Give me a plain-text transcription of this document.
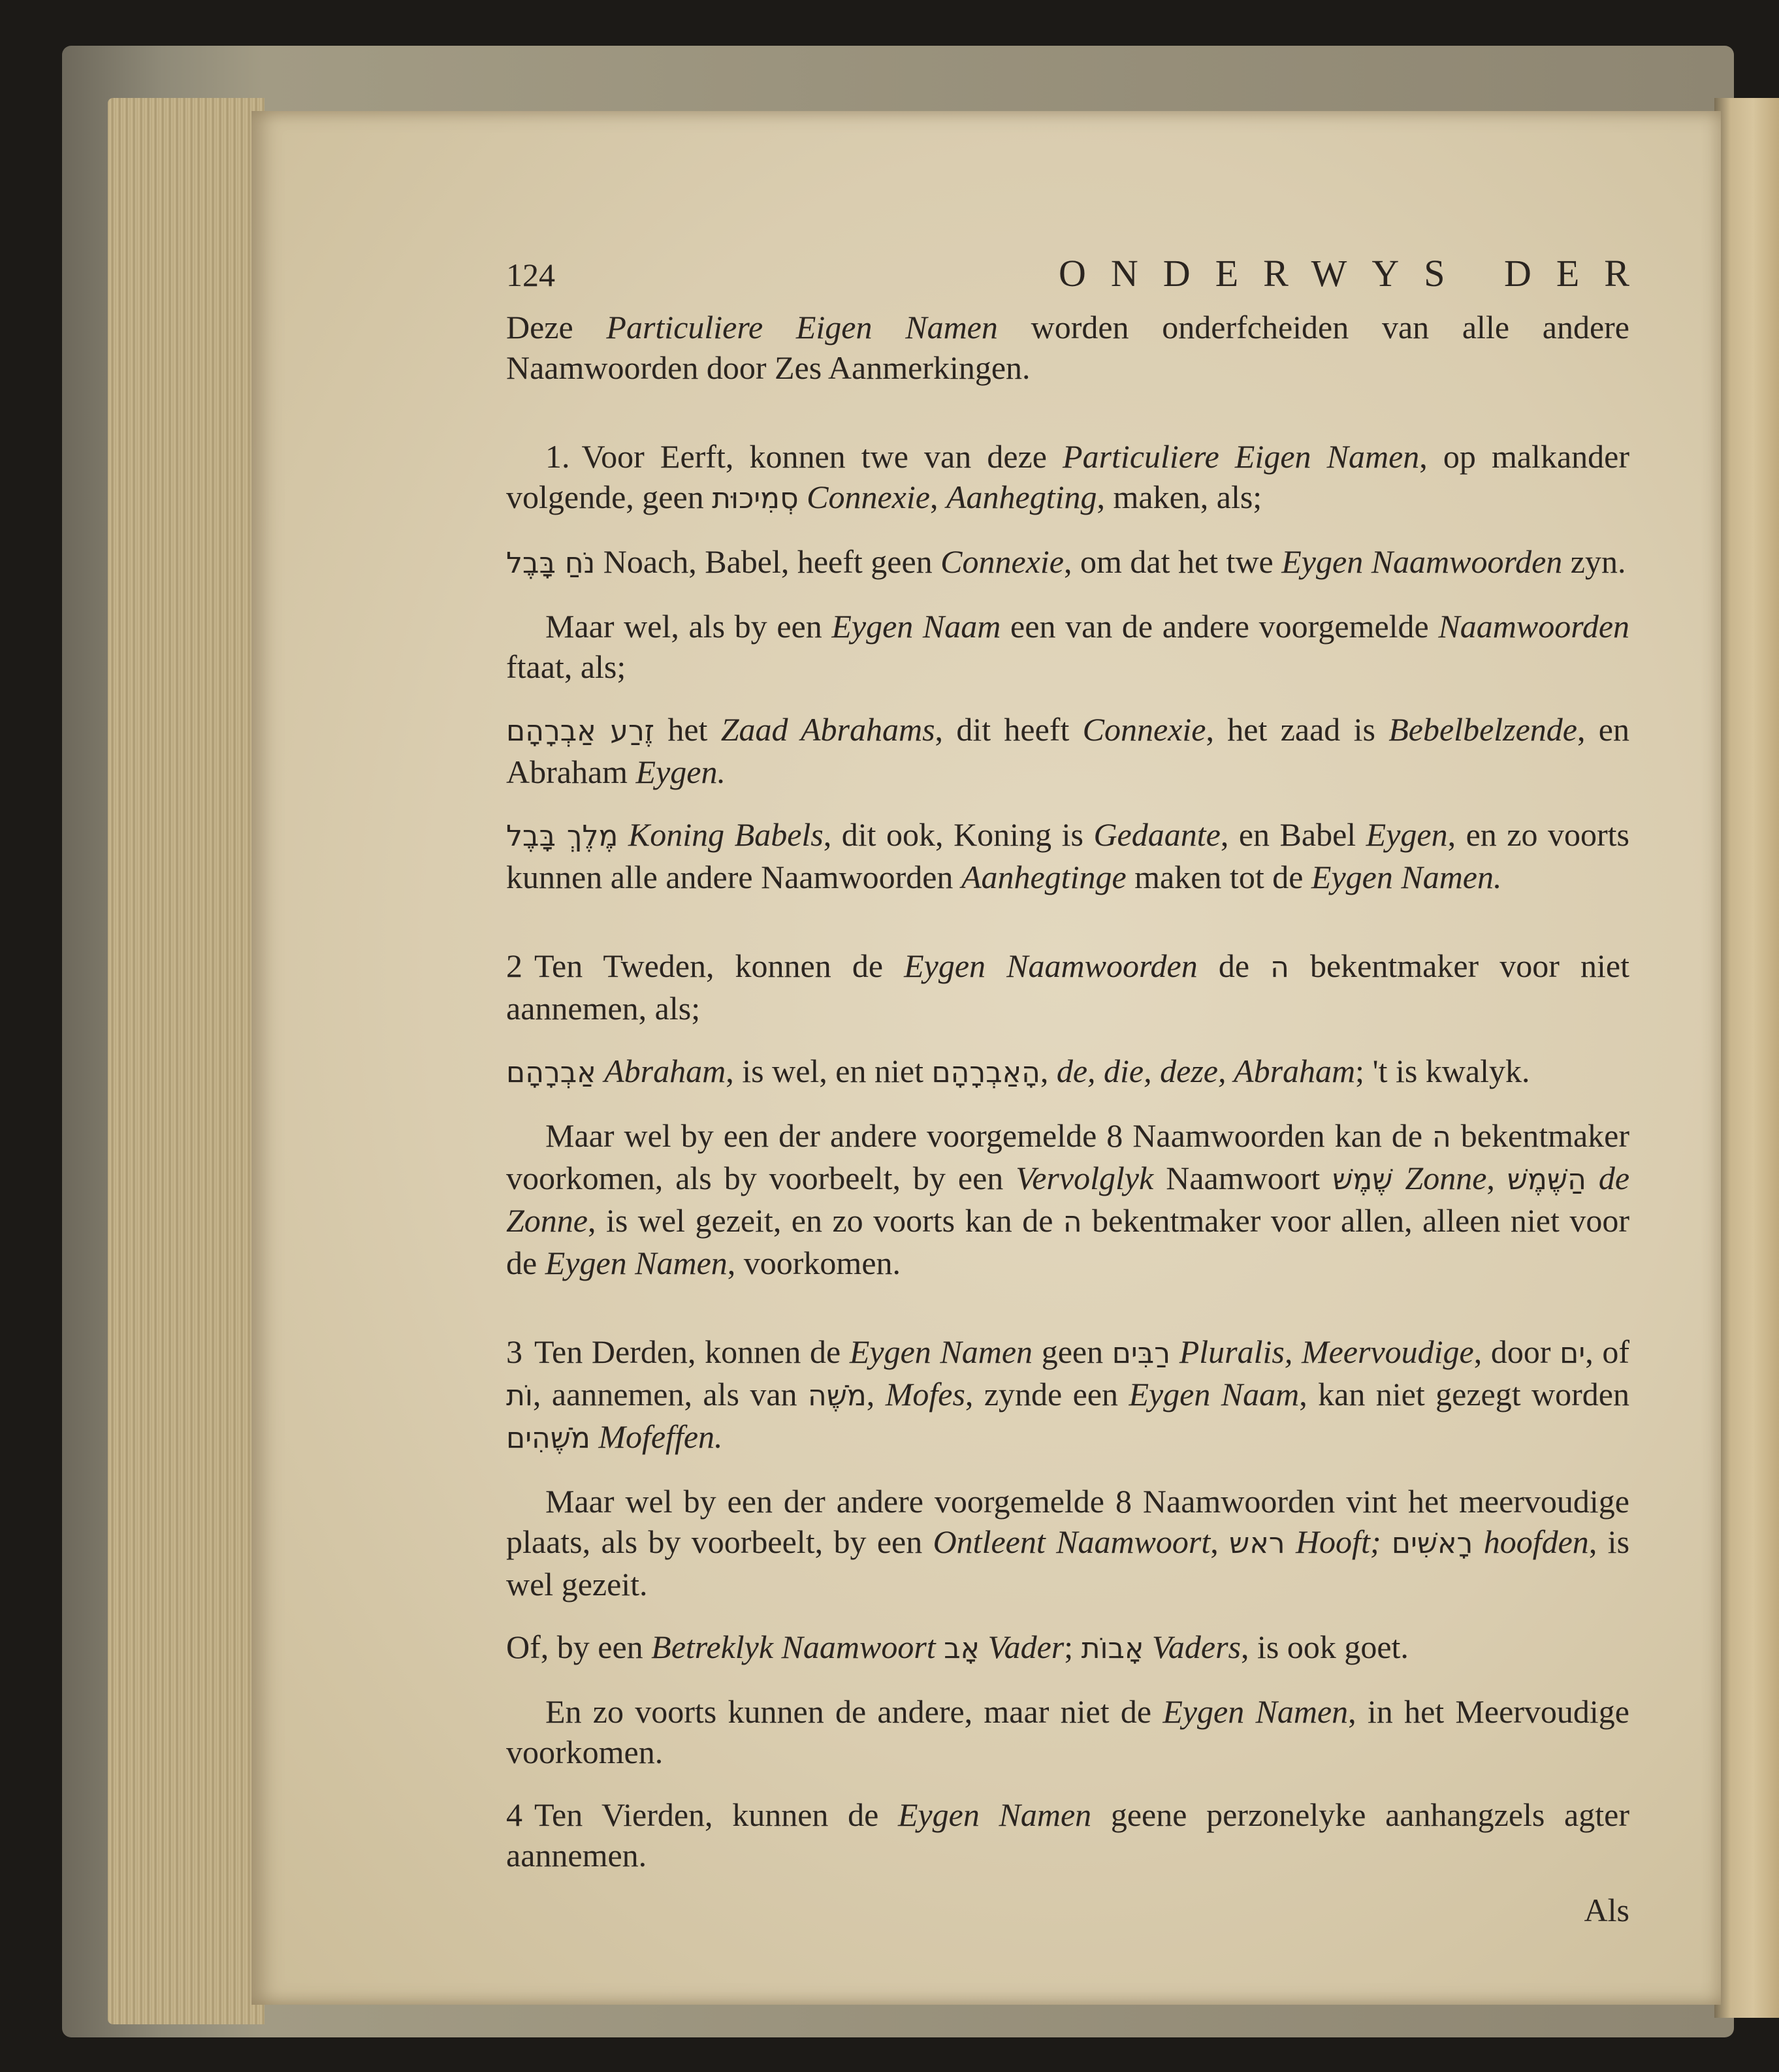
124	ONDERWYS DER

Deze Particuliere Eigen Namen worden onderfcheiden van alle andere Naamwoorden door Zes Aanmerkingen.

1. Voor Eerft, konnen twe van deze Particuliere Eigen Namen, op malkander volgende, geen סְמִיכוּת Connexie, Aanhegting, maken, als;

נֹחַ בָּבֶל Noach, Babel, heeft geen Connexie, om dat het twe Eygen Naamwoorden zyn.

Maar wel, als by een Eygen Naam een van de andere voorgemelde Naamwoorden ftaat, als;

זֶרַע אַבְרָהָם het Zaad Abrahams, dit heeft Connexie, het zaad is Bebelbelzende, en Abraham Eygen.

מֶלֶךְ בָּבֶל Koning Babels, dit ook, Koning is Gedaante, en Babel Eygen, en zo voorts kunnen alle andere Naamwoorden Aanhegtinge maken tot de Eygen Namen.

2 Ten Tweden, konnen de Eygen Naamwoorden de ה bekentmaker voor niet aannemen, als;

אַבְרָהָם Abraham, is wel, en niet הָאַבְרָהָם, de, die, deze, Abraham; 't is kwalyk.

Maar wel by een der andere voorgemelde 8 Naamwoorden kan de ה bekentmaker voorkomen, als by voorbeelt, by een Vervolglyk Naamwoort שֶׁמֶשׁ Zonne, הַשֶּׁמֶשׁ de Zonne, is wel gezeit, en zo voorts kan de ה bekentmaker voor allen, alleen niet voor de Eygen Namen, voorkomen.

3 Ten Derden, konnen de Eygen Namen geen רַבִּים Pluralis, Meervoudige, door ים, of וֹת, aannemen, als van מֹשֶׁה, Mofes, zynde een Eygen Naam, kan niet gezegt worden מֹשֶׁהִים Mofeffen.

Maar wel by een der andere voorgemelde 8 Naamwoorden vint het meervoudige plaats, als by voorbeelt, by een Ontleent Naamwoort, ראש Hooft; רָאשִׁים hoofden, is wel gezeit.

Of, by een Betreklyk Naamwoort אָב Vader; אָבוֹת Vaders, is ook goet.

En zo voorts kunnen de andere, maar niet de Eygen Namen, in het Meervoudige voorkomen.

4 Ten Vierden, kunnen de Eygen Namen geene perzonelyke aanhangzels agter aannemen.

Als
